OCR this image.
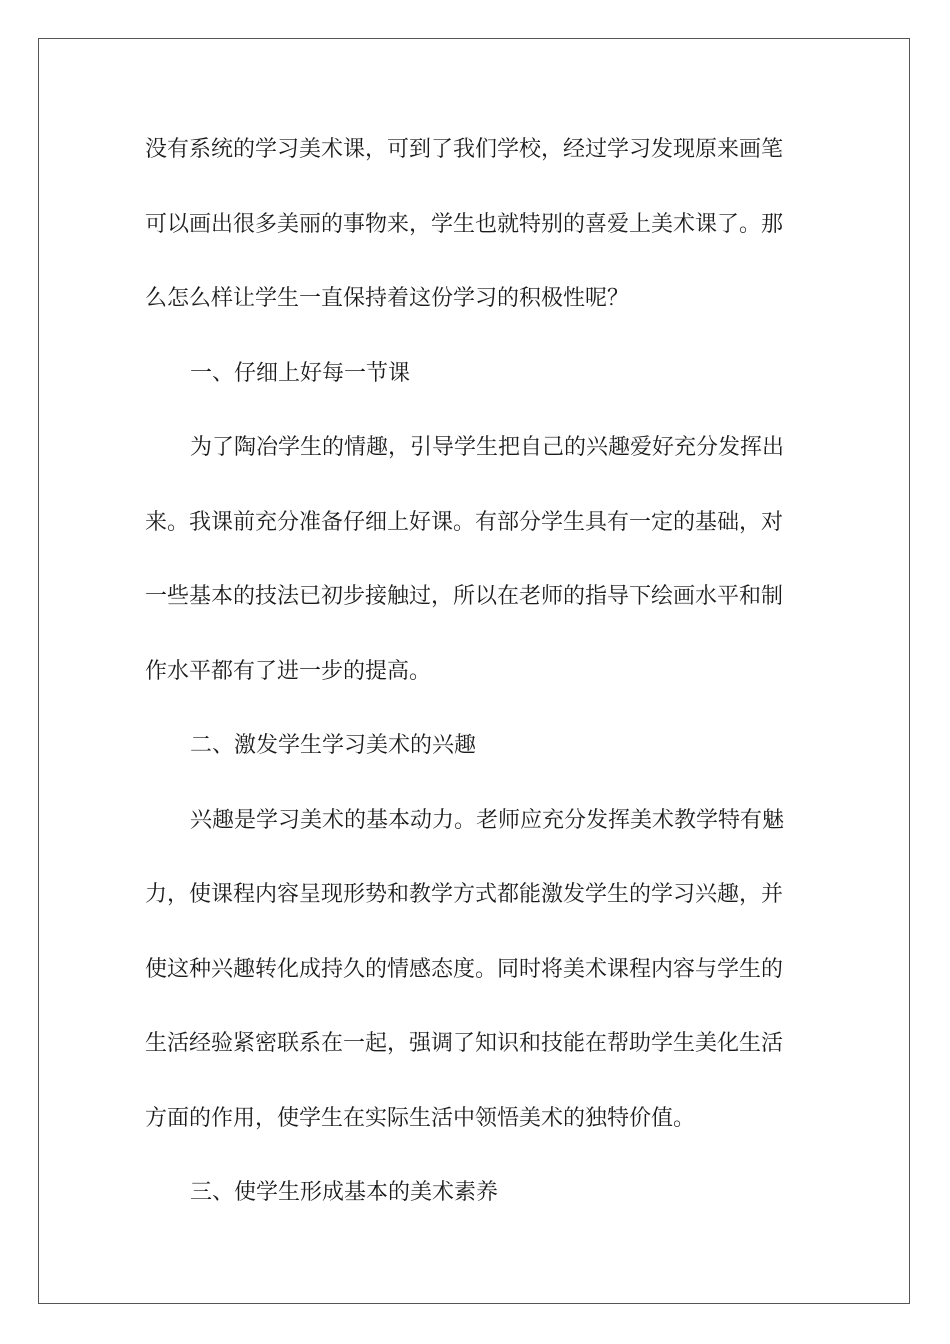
没有系统的学习美术课，可到了我们学校，经过学习发现原来画笔
可以画出很多美丽的事物来，学生也就特别的喜爱上美术课了。那
么怎么样让学生一直保持着这份学习的积极性呢？
一、仔细上好每一节课
为了陶冶学生的情趣，引导学生把自己的兴趣爱好充分发挥出
来。我课前充分准备仔细上好课。有部分学生具有一定的基础，对
一些基本的技法已初步接触过，所以在老师的指导下绘画水平和制
作水平都有了进一步的提高。
二、激发学生学习美术的兴趣
兴趣是学习美术的基本动力。老师应充分发挥美术教学特有魅
力，使课程内容呈现形势和教学方式都能激发学生的学习兴趣，并
使这种兴趣转化成持久的情感态度。同时将美术课程内容与学生的
生活经验紧密联系在一起，强调了知识和技能在帮助学生美化生活
方面的作用，使学生在实际生活中领悟美术的独特价值。
三、使学生形成基本的美术素养
